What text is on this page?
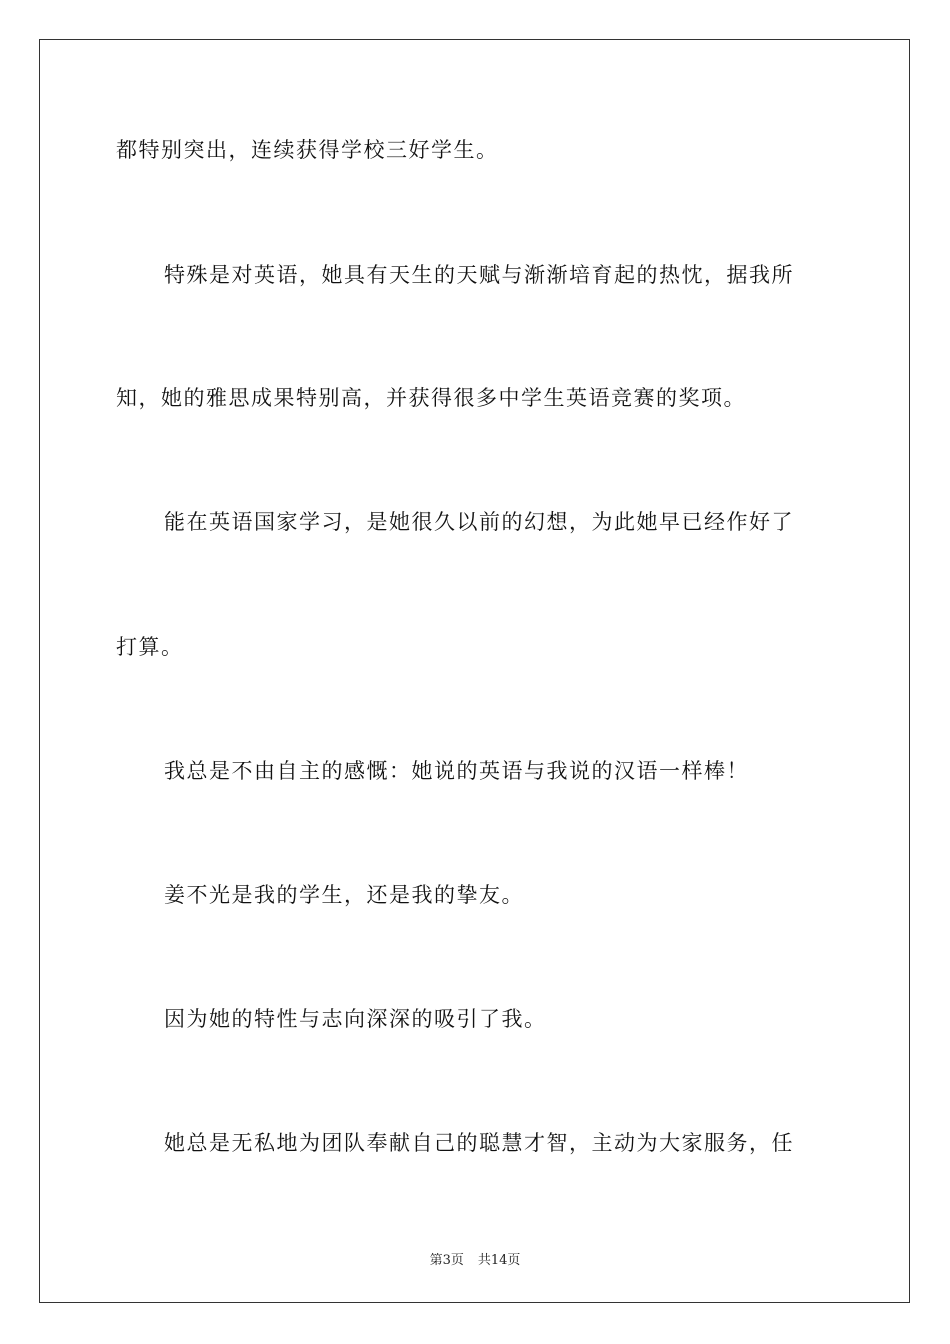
都特别突出，连续获得学校三好学生。
特殊是对英语，她具有天生的天赋与渐渐培育起的热忱，据我所
知，她的雅思成果特别高，并获得很多中学生英语竞赛的奖项。
能在英语国家学习，是她很久以前的幻想，为此她早已经作好了
打算。
我总是不由自主的感慨：她说的英语与我说的汉语一样棒！
姜不光是我的学生，还是我的挚友。
因为她的特性与志向深深的吸引了我。
她总是无私地为团队奉献自己的聪慧才智，主动为大家服务，任
第3页 共14页
